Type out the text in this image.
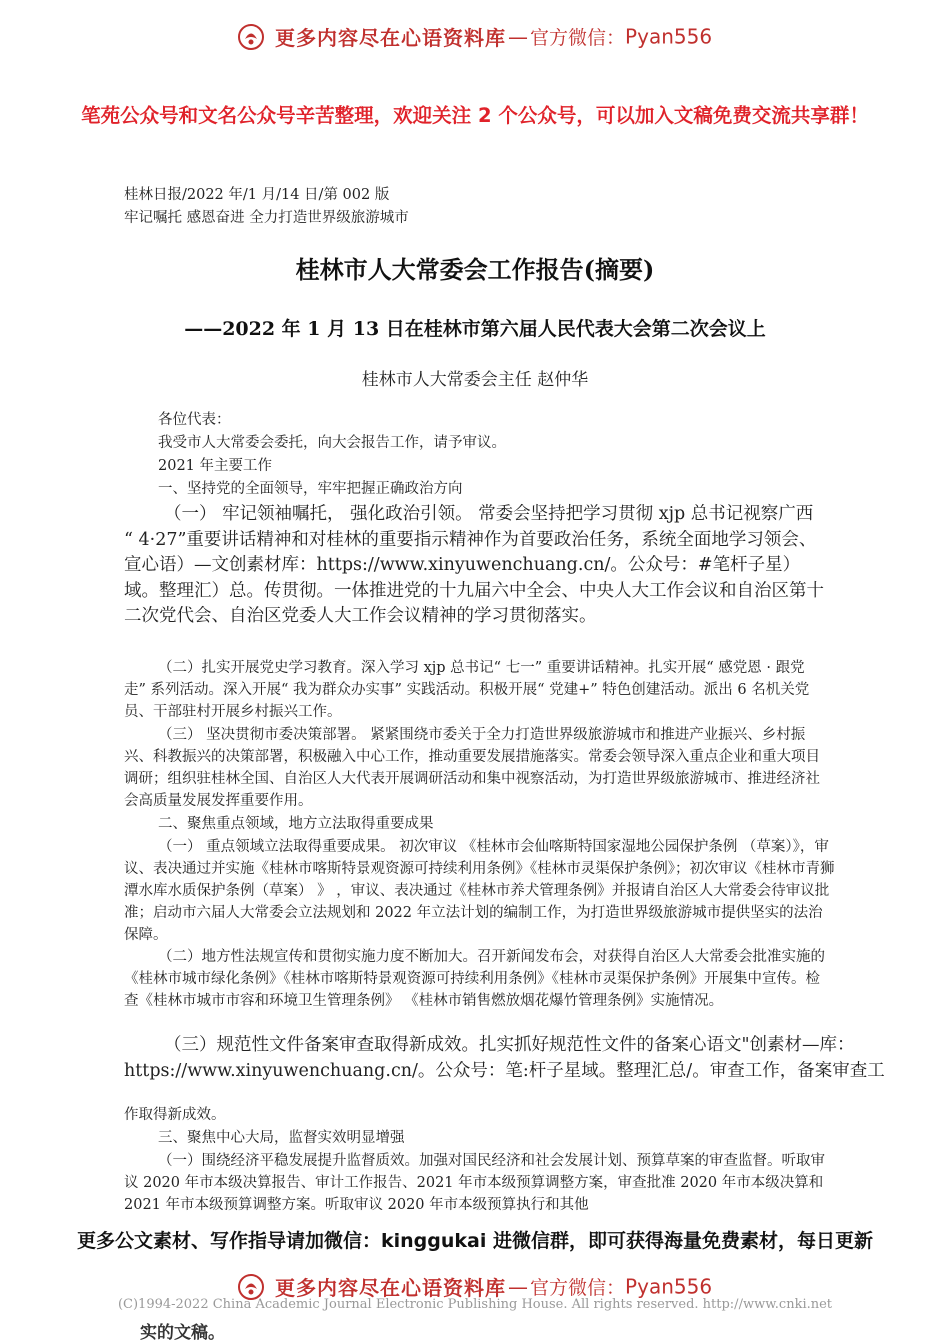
更多内容尽在心语资料库 — 官方微信：Pyan556
笔苑公众号和文名公众号辛苦整理，欢迎关注 2 个公众号，可以加入文稿免费交流共享群！
桂林日报/2022 年/1 月/14 日/第 002 版
牢记嘱托 感恩奋进 全力打造世界级旅游城市
桂林市人大常委会工作报告(摘要)
——2022 年 1 月 13 日在桂林市第六届人民代表大会第二次会议上
桂林市人大常委会主任 赵仲华
各位代表：
我受市人大常委会委托，向大会报告工作，请予审议。
2021 年主要工作
一、坚持党的全面领导，牢牢把握正确政治方向
（一） 牢记领袖嘱托， 强化政治引领。 常委会坚持把学习贯彻 xjp 总书记视察广西 “ 4·27”重要讲话精神和对桂林的重要指示精神作为首要政治任务，系统全面地学习领会、宣心语）—文创素材库：https://www.xinyuwenchuang.cn/。公众号：#笔杆子星）域。整理汇）总。传贯彻。一体推进党的十九届六中全会、中央人大工作会议和自治区第十二次党代会、自治区党委人大工作会议精神的学习贯彻落实。
（二）扎实开展党史学习教育。深入学习 xjp 总书记“ 七一” 重要讲话精神。扎实开展“ 感党恩 · 跟党走” 系列活动。深入开展“ 我为群众办实事” 实践活动。积极开展“ 党建+” 特色创建活动。派出 6 名机关党员、干部驻村开展乡村振兴工作。
（三） 坚决贯彻市委决策部署。 紧紧围绕市委关于全力打造世界级旅游城市和推进产业振兴、乡村振兴、科教振兴的决策部署，积极融入中心工作，推动重要发展措施落实。常委会领导深入重点企业和重大项目调研；组织驻桂林全国、自治区人大代表开展调研活动和集中视察活动，为打造世界级旅游城市、推进经济社会高质量发展发挥重要作用。
二、聚焦重点领域，地方立法取得重要成果
（一） 重点领域立法取得重要成果。 初次审议 《桂林市会仙喀斯特国家湿地公园保护条例 （草案）》，审议、表决通过并实施《桂林市喀斯特景观资源可持续利用条例》《桂林市灵渠保护条例》；初次审议《桂林市青狮潭水库水质保护条例（草案） 》 ，审议、表决通过《桂林市养犬管理条例》并报请自治区人大常委会待审议批准；启动市六届人大常委会立法规划和 2022 年立法计划的编制工作，为打造世界级旅游城市提供坚实的法治保障。
（二）地方性法规宣传和贯彻实施力度不断加大。召开新闻发布会，对获得自治区人大常委会批准实施的《桂林市城市绿化条例》《桂林市喀斯特景观资源可持续利用条例》《桂林市灵渠保护条例》开展集中宣传。检查《桂林市城市市容和环境卫生管理条例》 《桂林市销售燃放烟花爆竹管理条例》实施情况。
（三）规范性文件备案审查取得新成效。扎实抓好规范性文件的备案心语文"创素材—库：https://www.xinyuwenchuang.cn/。公众号：笔:杆子星域。整理汇总/。审查工作，备案审查工
作取得新成效。
三、聚焦中心大局，监督实效明显增强
（一）围绕经济平稳发展提升监督质效。加强对国民经济和社会发展计划、预算草案的审查监督。听取审议 2020 年市本级决算报告、审计工作报告、2021 年市本级预算调整方案，审查批准 2020 年市本级决算和 2021 年市本级预算调整方案。听取审议 2020 年市本级预算执行和其他
更多公文素材、写作指导请加微信：kinggukai 进微信群，即可获得海量免费素材，每日更新
更多内容尽在心语资料库 — 官方微信：Pyan556
(C)1994-2022 China Academic Journal Electronic Publishing House. All rights reserved. http://www.cnki.net
实的文稿。
